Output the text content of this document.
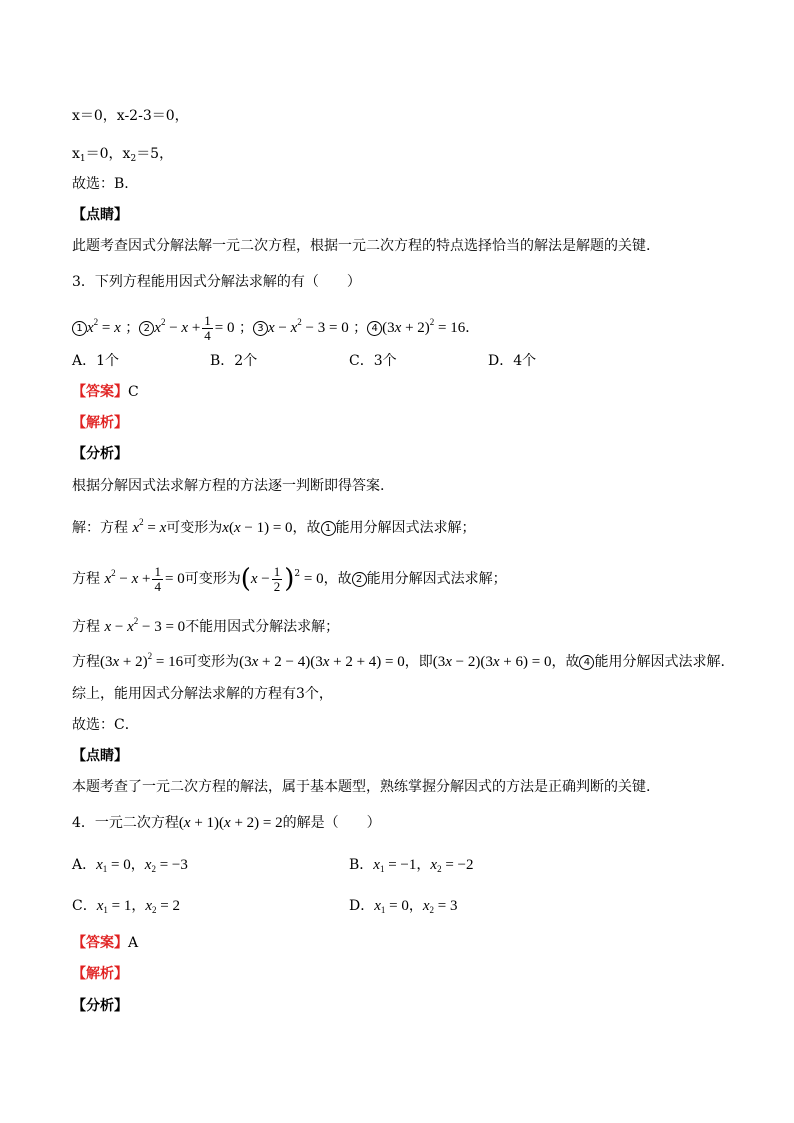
x＝0，x-2-3＝0，
$x_1=0$，$x_2=5$，
故选：B.
【点睛】
此题考查因式分解法解一元二次方程，根据一元二次方程的特点选择恰当的解法是解题的关键.
3．下列方程能用因式分解法求解的有（　　）
1 $x^2 = x$ ； 2 $x^2 - x + \frac{1}{4} = 0$ ； 3 $x - x^2 - 3 = 0$ ； 4 $(3x + 2)^2 = 16$．
A．1个	B．2个	C．3个	D．4个
【答案】C
【解析】
【分析】
根据分解因式法求解方程的方法逐一判断即得答案.
解：方程 $x^2 = x$可变形为x(x − 1) = 0，故 1 能用分解因式法求解；
方程 $x^2 - x + \frac{1}{4} = 0$可变形为$(x - \frac{1}{2} )^2 = 0$，故 2 能用分解因式法求解；
方程 $x - x^2 - 3 = 0$不能用因式分解法求解；
方程$(3x + 2)^2 = 16$可变形为(3x + 2 − 4)(3x + 2 + 4) = 0，即(3x − 2)(3x + 6) = 0，故 4 能用分解因式法求解.
综上，能用因式分解法求解的方程有3个，
故选：C．
【点睛】
本题考查了一元二次方程的解法，属于基本题型，熟练掌握分解因式的方法是正确判断的关键.
4．一元二次方程(x + 1)(x + 2) = 2的解是（　　）
A．$x_1 = 0$，$x_2 = -3$	B．$x_1 = -1$，$x_2 = -2$
C．$x_1 = 1$，$x_2 = 2$	D．$x_1 = 0$，$x_2 = 3$
【答案】A
【解析】
【分析】
